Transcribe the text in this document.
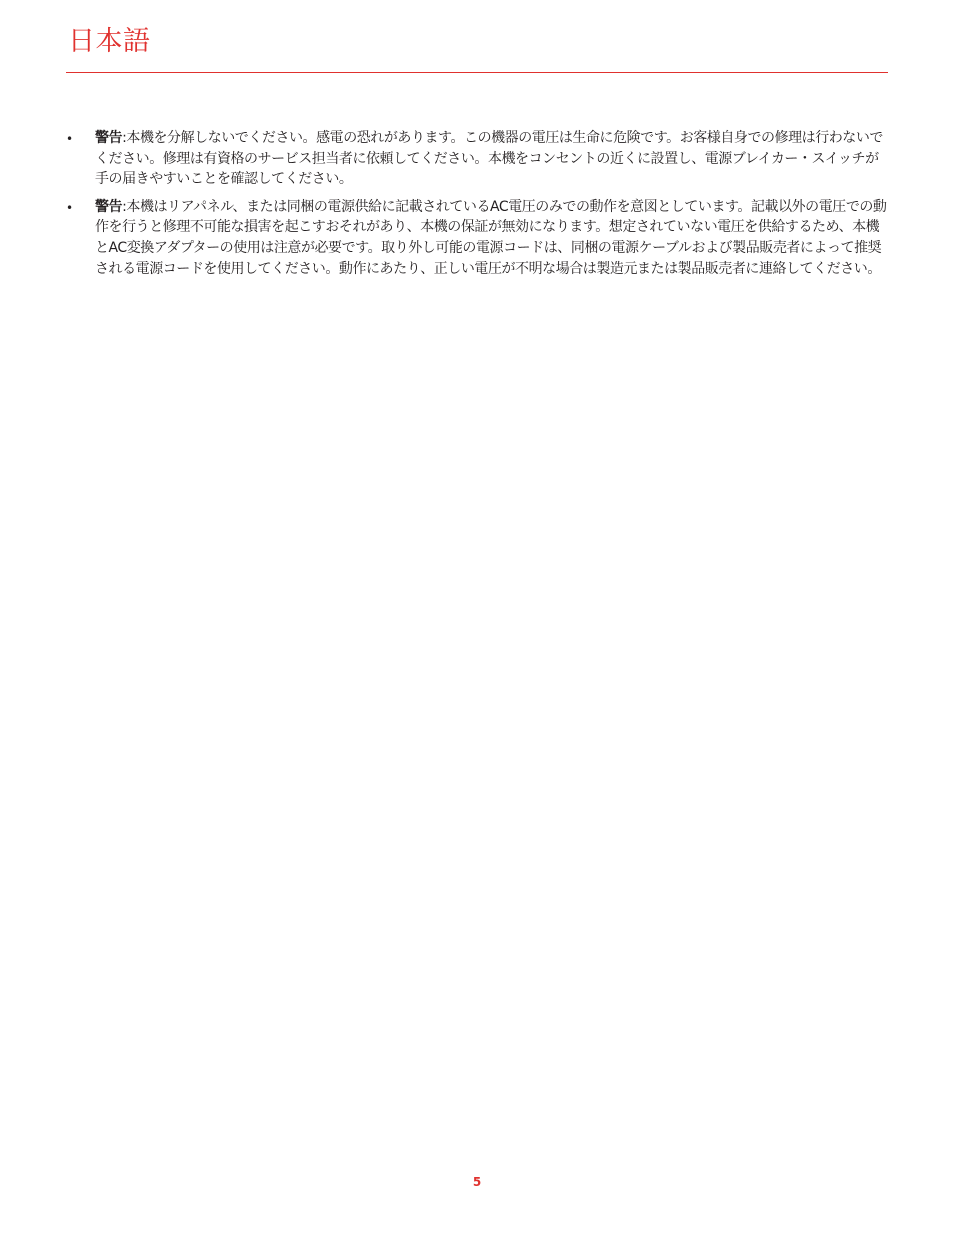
日本語
• 警告:本機を分解しないでください。感電の恐れがあります。この機器の電圧は生命に危険です。お客様自身での修理は行わないでください。修理は有資格のサービス担当者に依頼してください。本機をコンセントの近くに設置し、電源ブレイカー・スイッチが手の届きやすいことを確認してください。
• 警告:本機はリアパネル、または同梱の電源供給に記載されているAC電圧のみでの動作を意図としています。記載以外の電圧での動作を行うと修理不可能な損害を起こすおそれがあり、本機の保証が無効になります。想定されていない電圧を供給するため、本機とAC変換アダプターの使用は注意が必要です。取り外し可能の電源コードは、同梱の電源ケーブルおよび製品販売者によって推奨される電源コードを使用してください。動作にあたり、正しい電圧が不明な場合は製造元または製品販売者に連絡してください。
5
